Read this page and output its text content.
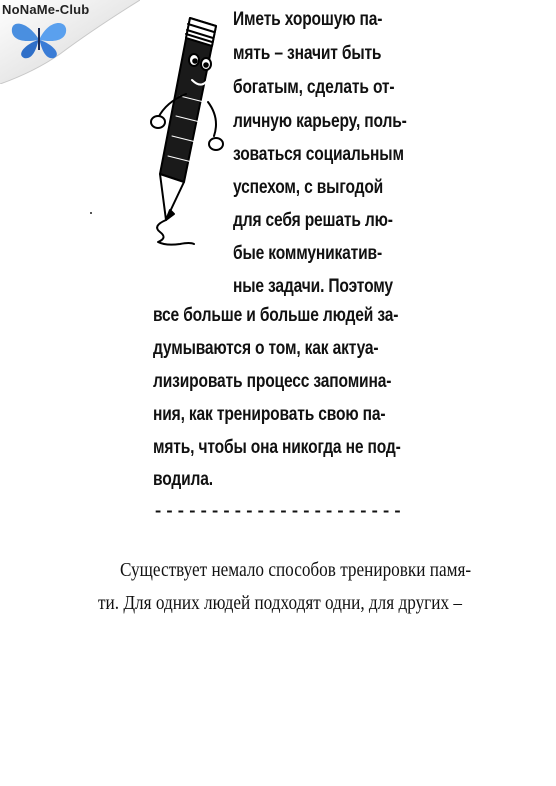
NoNaMe-Club	Иметь хорошую па-
мять – значит быть
богатым, сделать от-
личную карьеру, поль-
зоваться социальным
успехом, с выгодой
для себя решать лю-
бые коммуникатив-
ные задачи. Поэтому
все больше и больше людей за-
думываются о том, как актуа-
лизировать процесс запомина-
ния, как тренировать свою па-
мять, чтобы она никогда не под-
водила.
----------------------
Существует немало способов тренировки памя-
ти. Для одних людей подходят одни, для других –
